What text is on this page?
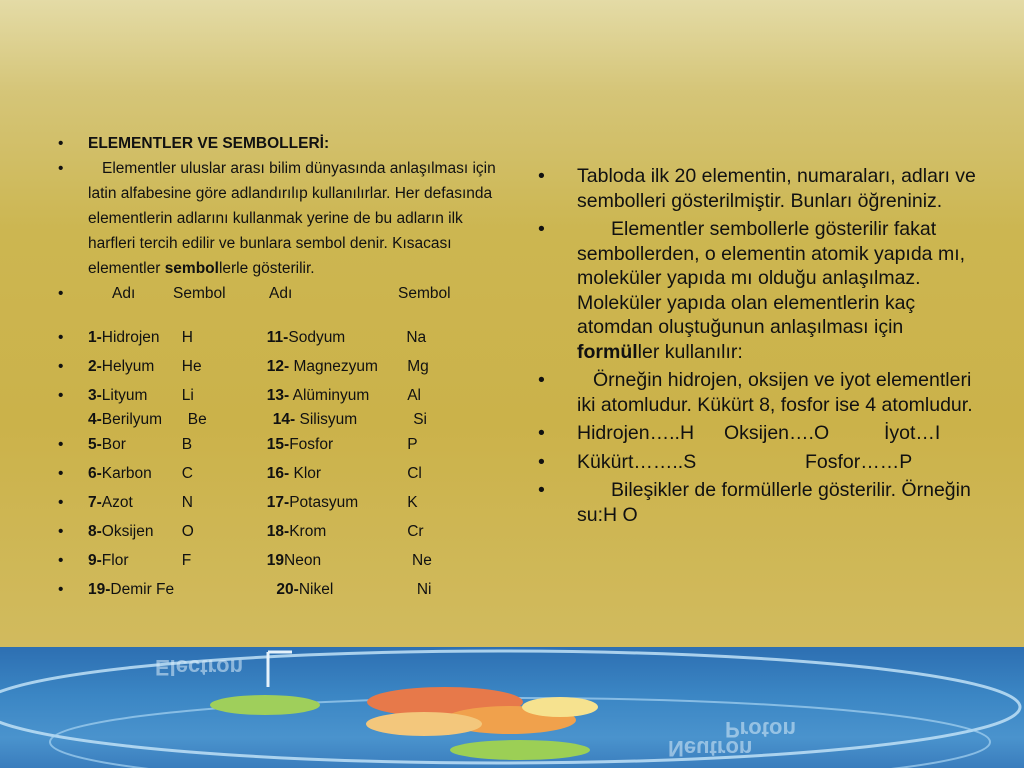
• ELEMENTLER VE SEMBOLLERİ:
• Elementler uluslar arası bilim dünyasında anlaşılması için latin alfabesine göre adlandırılıp kullanılırlar. Her defasında elementlerin adlarını kullanmak yerine de bu adların ilk harfleri tercih edilir ve bunlara sembol denir. Kısacası elementler sembollerle gösterilir.
•	Adı Sembol	Adı	Sembol
• 1-Hidrojen H	11-Sodyum	Na
• 2-Helyum He	12- Magnezyum Mg
• 3-Lityum Li	13- Alüminyum Al
4-Berilyum Be	14- Silisyum	Si
• 5-Bor	B	15-Fosfor	P
• 6-Karbon C	16- Klor	Cl
• 7-Azot	N	17-Potasyum	K
• 8-Oksijen O	18-Krom	Cr
• 9-Flor	F	19Neon	Ne
• 19-Demir Fe	20-Nikel	Ni
• Tabloda ilk 20 elementin, numaraları, adları ve sembolleri gösterilmiştir. Bunları öğreniniz.
•	Elementler sembollerle gösterilir fakat sembollerden, o elementin atomik yapıda mı, moleküler yapıda mı olduğu anlaşılmaz. Moleküler yapıda olan elementlerin kaç atomdan oluştuğunun anlaşılması için formüller kullanılır:
• Örneğin hidrojen, oksijen ve iyot elementleri iki atomludur. Kükürt 8, fosfor ise 4 atomludur.
• Hidrojen…..H Oksijen….O	İyot…I
• Kükürt……..S	Fosfor……P
•	Bileşikler de formüllerle gösterilir. Örneğin su:H O
Electron
Proton
Neutron
